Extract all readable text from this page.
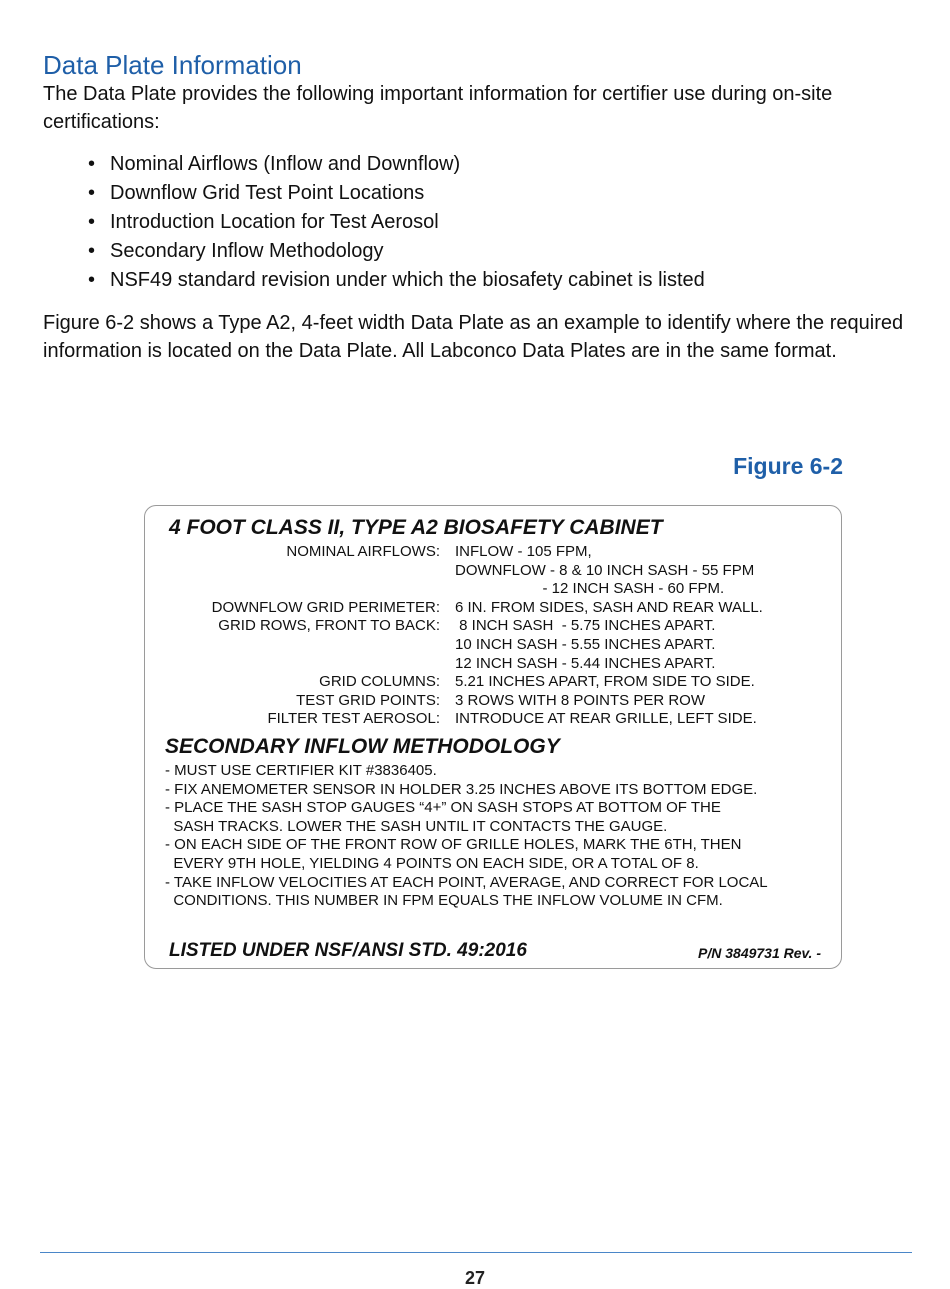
Data Plate Information

The Data Plate provides the following important information for certifier use during on-site certifications:

• Nominal Airflows (Inflow and Downflow)
• Downflow Grid Test Point Locations
• Introduction Location for Test Aerosol
• Secondary Inflow Methodology
• NSF49 standard revision under which the biosafety cabinet is listed

Figure 6-2 shows a Type A2, 4-feet width Data Plate as an example to identify where the required information is located on the Data Plate. All Labconco Data Plates are in the same format.

Figure 6-2
4 FOOT CLASS II, TYPE A2 BIOSAFETY CABINET
NOMINAL AIRFLOWS: INFLOW - 105 FPM,
DOWNFLOW - 8 & 10 INCH SASH - 55 FPM
- 12 INCH SASH - 60 FPM.
DOWNFLOW GRID PERIMETER: 6 IN. FROM SIDES, SASH AND REAR WALL.
GRID ROWS, FRONT TO BACK: 8 INCH SASH  - 5.75 INCHES APART.
10 INCH SASH - 5.55 INCHES APART.
12 INCH SASH - 5.44 INCHES APART.
GRID COLUMNS: 5.21 INCHES APART, FROM SIDE TO SIDE.
TEST GRID POINTS: 3 ROWS WITH 8 POINTS PER ROW
FILTER TEST AEROSOL: INTRODUCE AT REAR GRILLE, LEFT SIDE.
SECONDARY INFLOW METHODOLOGY
- MUST USE CERTIFIER KIT #3836405.
- FIX ANEMOMETER SENSOR IN HOLDER 3.25 INCHES ABOVE ITS BOTTOM EDGE.
- PLACE THE SASH STOP GAUGES “4+” ON SASH STOPS AT BOTTOM OF THE
SASH TRACKS. LOWER THE SASH UNTIL IT CONTACTS THE GAUGE.
- ON EACH SIDE OF THE FRONT ROW OF GRILLE HOLES, MARK THE 6TH, THEN
EVERY 9TH HOLE, YIELDING 4 POINTS ON EACH SIDE, OR A TOTAL OF 8.
- TAKE INFLOW VELOCITIES AT EACH POINT, AVERAGE, AND CORRECT FOR LOCAL
CONDITIONS. THIS NUMBER IN FPM EQUALS THE INFLOW VOLUME IN CFM.
LISTED UNDER NSF/ANSI STD. 49:2016	P/N 3849731 Rev. -
27
